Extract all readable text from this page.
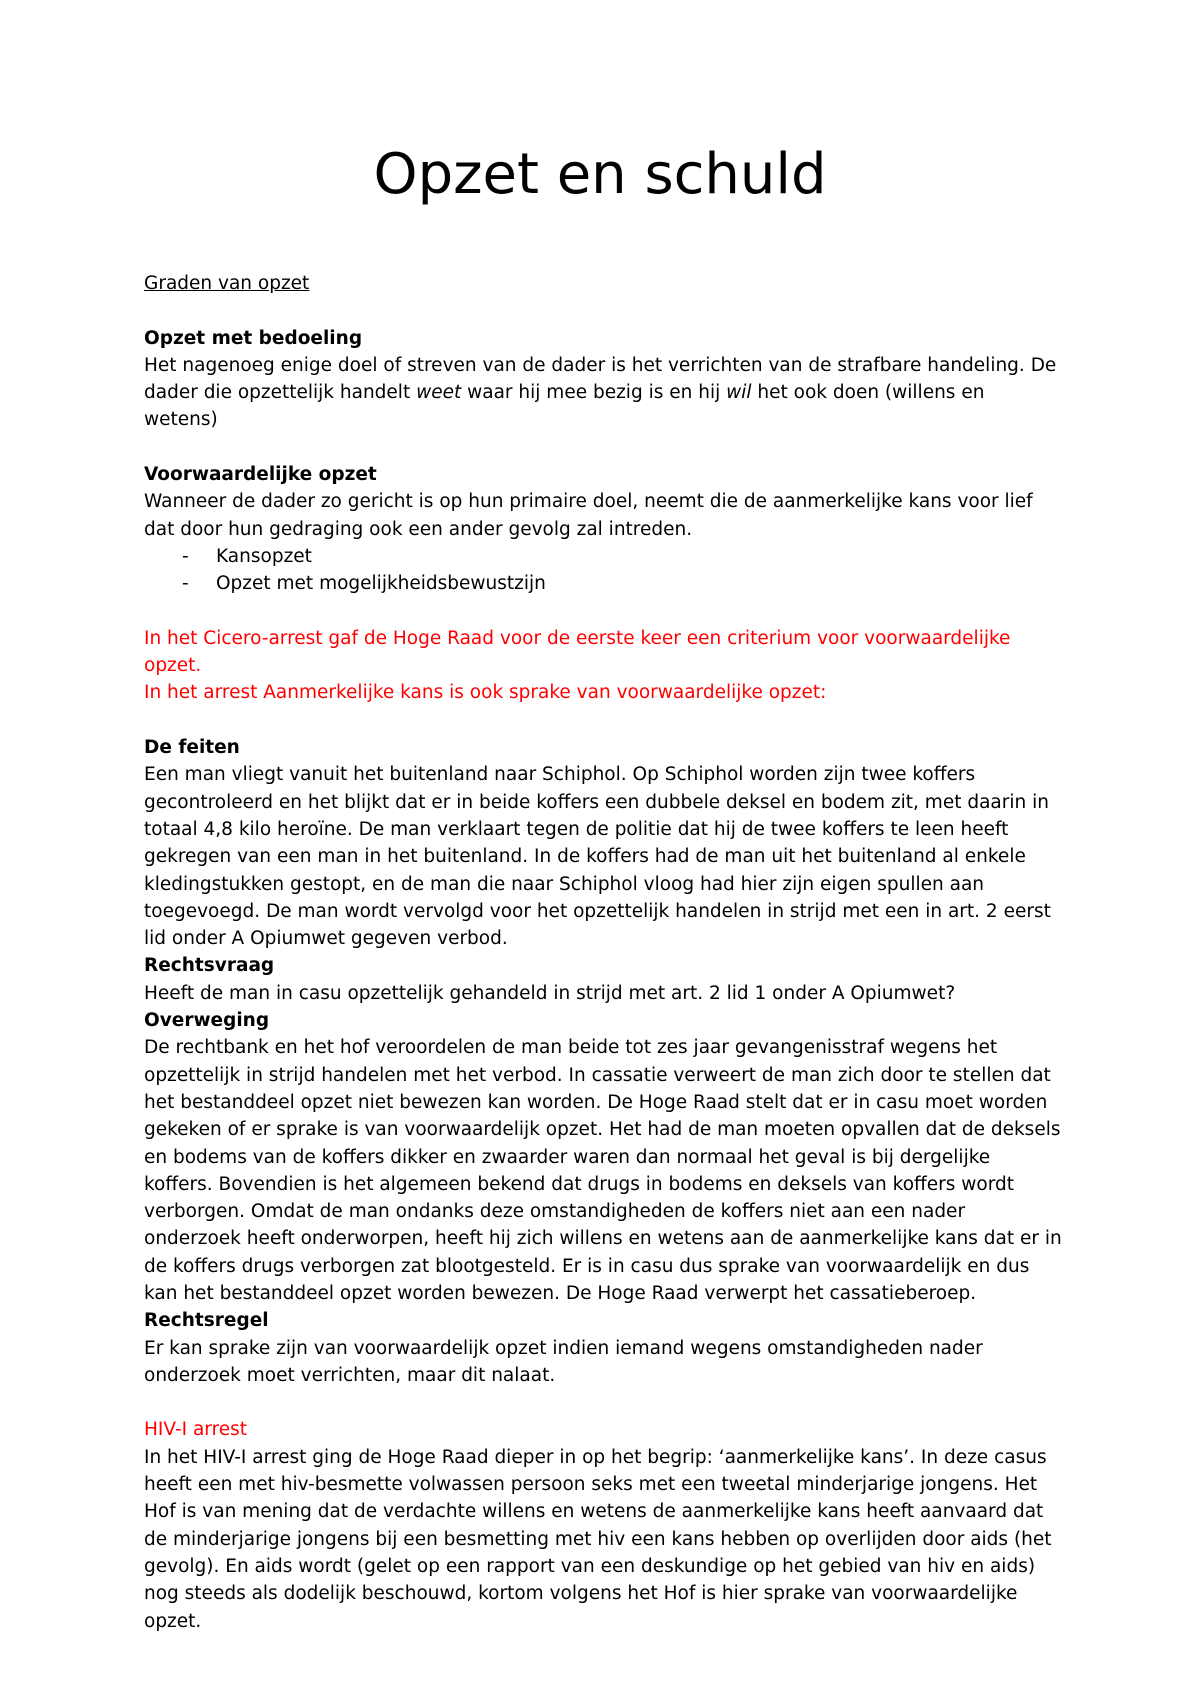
Opzet en schuld

Graden van opzet

Opzet met bedoeling

Het nagenoeg enige doel of streven van de dader is het verrichten van de strafbare handeling. De dader die opzettelijk handelt weet waar hij mee bezig is en hij wil het ook doen (willens en wetens)

Voorwaardelijke opzet

Wanneer de dader zo gericht is op hun primaire doel, neemt die de aanmerkelijke kans voor lief dat door hun gedraging ook een ander gevolg zal intreden.

- Kansopzet
- Opzet met mogelijkheidsbewustzijn

In het Cicero-arrest gaf de Hoge Raad voor de eerste keer een criterium voor voorwaardelijke opzet.

In het arrest Aanmerkelijke kans is ook sprake van voorwaardelijke opzet:

De feiten

Een man vliegt vanuit het buitenland naar Schiphol. Op Schiphol worden zijn twee koffers gecontroleerd en het blijkt dat er in beide koffers een dubbele deksel en bodem zit, met daarin in totaal 4,8 kilo heroïne. De man verklaart tegen de politie dat hij de twee koffers te leen heeft gekregen van een man in het buitenland. In de koffers had de man uit het buitenland al enkele kledingstukken gestopt, en de man die naar Schiphol vloog had hier zijn eigen spullen aan toegevoegd. De man wordt vervolgd voor het opzettelijk handelen in strijd met een in art. 2 eerst lid onder A Opiumwet gegeven verbod.

Rechtsvraag

Heeft de man in casu opzettelijk gehandeld in strijd met art. 2 lid 1 onder A Opiumwet?

Overweging

De rechtbank en het hof veroordelen de man beide tot zes jaar gevangenisstraf wegens het opzettelijk in strijd handelen met het verbod. In cassatie verweert de man zich door te stellen dat het bestanddeel opzet niet bewezen kan worden. De Hoge Raad stelt dat er in casu moet worden gekeken of er sprake is van voorwaardelijk opzet. Het had de man moeten opvallen dat de deksels en bodems van de koffers dikker en zwaarder waren dan normaal het geval is bij dergelijke koffers. Bovendien is het algemeen bekend dat drugs in bodems en deksels van koffers wordt verborgen. Omdat de man ondanks deze omstandigheden de koffers niet aan een nader onderzoek heeft onderworpen, heeft hij zich willens en wetens aan de aanmerkelijke kans dat er in de koffers drugs verborgen zat blootgesteld. Er is in casu dus sprake van voorwaardelijk en dus kan het bestanddeel opzet worden bewezen. De Hoge Raad verwerpt het cassatieberoep.

Rechtsregel

Er kan sprake zijn van voorwaardelijk opzet indien iemand wegens omstandigheden nader onderzoek moet verrichten, maar dit nalaat.

HIV-I arrest

In het HIV-I arrest ging de Hoge Raad dieper in op het begrip: ‘aanmerkelijke kans’. In deze casus heeft een met hiv-besmette volwassen persoon seks met een tweetal minderjarige jongens. Het Hof is van mening dat de verdachte willens en wetens de aanmerkelijke kans heeft aanvaard dat de minderjarige jongens bij een besmetting met hiv een kans hebben op overlijden door aids (het gevolg). En aids wordt (gelet op een rapport van een deskundige op het gebied van hiv en aids) nog steeds als dodelijk beschouwd, kortom volgens het Hof is hier sprake van voorwaardelijke opzet.
